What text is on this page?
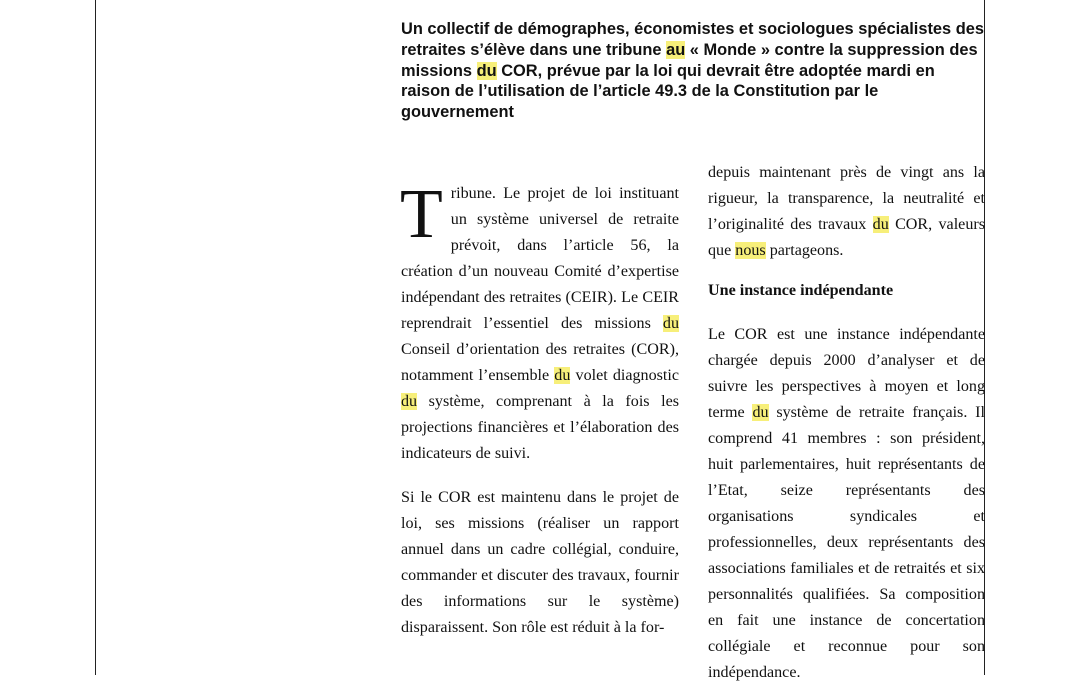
Un collectif de démographes, économistes et sociologues spécialistes des retraites s’élève dans une tribune au « Monde » contre la suppression des missions du COR, prévue par la loi qui devrait être adoptée mardi en raison de l’utilisation de l’article 49.3 de la Constitution par le gouvernement

Tribune. Le projet de loi instituant un système universel de retraite prévoit, dans l’article 56, la création d’un nouveau Comité d’expertise indépendant des retraites (CEIR). Le CEIR reprendrait l’essentiel des missions du Conseil d’orientation des retraites (COR), notamment l’ensemble du volet diagnostic du système, comprenant à la fois les projections financières et l’élaboration des indicateurs de suivi.

Si le COR est maintenu dans le projet de loi, ses missions (réaliser un rapport annuel dans un cadre collégial, conduire, commander et discuter des travaux, fournir des informations sur le système) disparaissent. Son rôle est réduit à la for-

depuis maintenant près de vingt ans la rigueur, la transparence, la neutralité et l’originalité des travaux du COR, valeurs que nous partageons.

Une instance indépendante

Le COR est une instance indépendante chargée depuis 2000 d’analyser et de suivre les perspectives à moyen et long terme du système de retraite français. Il comprend 41 membres : son président, huit parlementaires, huit représentants de l’Etat, seize représentants des organisations syndicales et professionnelles, deux représentants des associations familiales et de retraités et six personnalités qualifiées. Sa composition en fait une instance de concertation collégiale et reconnue pour son indépendance.
